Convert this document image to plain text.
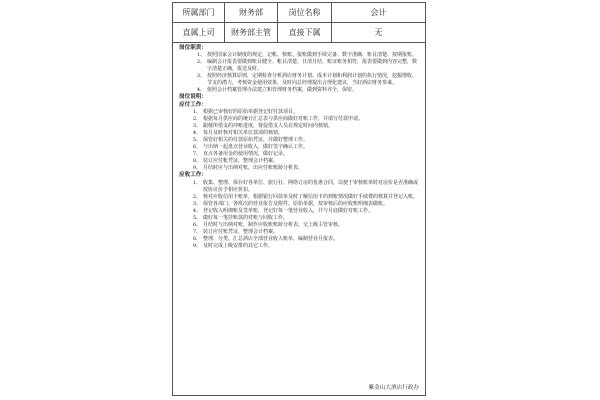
所属部门	财务部	岗位名称	会计
直属上司	财务部主管	直接下属	无
岗位职责：
1、 按照国家会计制度的规定，记帐、核账、报账做到手续完备、数字准确、账目清楚、按期报账。
2、 编制会计报表要做到账目健全、帐目清楚、日清月结、账证账务相符，报表要做到内容完整，数字清楚正确，报送及时。
3、 按照经济核算原则，定期检查分析酒店财务计划、成本计划和利润计划的执行情况，挖掘增收、节支的潜力，考核资金使用效果，及时向总经理提出合理化建议，当好酒店财务参谋。
4、 依照会计档案管理办法建立和管理财务档案，做到资料齐全，保密。
岗位说明：
应付工作：
1、 根据已审核好的原始单据登记好付款项目。
2、 根据每月供应商的统计汇总表与供应商做好对账工作，并填写付款申请。
3、 跟催所借支的冲账进度，督促借支人员在规定时间内核销。
4、 每月及时核对相关单位款项的核销。
5、 保管好相关的付款原始凭证，并做好整理工作。
6、 与出纳一起盘点营业收入，做好签字确认工作。
7、 直点各备用金的使用情况，做好记录。
8、 装订应付帐凭证，整理会计档案。
9、 月结时应与出纳对账，出应付账账龄分析表。
应收工作：
1、 收集、整理、保存好各单位、旅行社、网络订房的优惠合同，以便于审核账单时对房价是否准确或按协议价予相应折扣。
2、 核对应收信用卡账单，根据银行回款单及时了解信用卡的到账情况做好手续费的核算并登记入账。
3、 保管各部门、各班次的营业报告及附件、原始单据，按审核后的应收账明细表做账。
4、 登记收入明细账及签单账，登记好每一笔营业收入，并与月底做好对账工作。
5、 做好每一笔挂账款的对账与回收工作。
6、 月结时与出纳对账，制作应收账账龄分析表，交上级主管审核。
7、 装订应付账凭证，整理会计档案。
8、 整理、分类、汇总酒店全部营业收入账单，编制营业月报表。
9、 及时完成上级安排的其它工作。
紫金山大酒店行政办
